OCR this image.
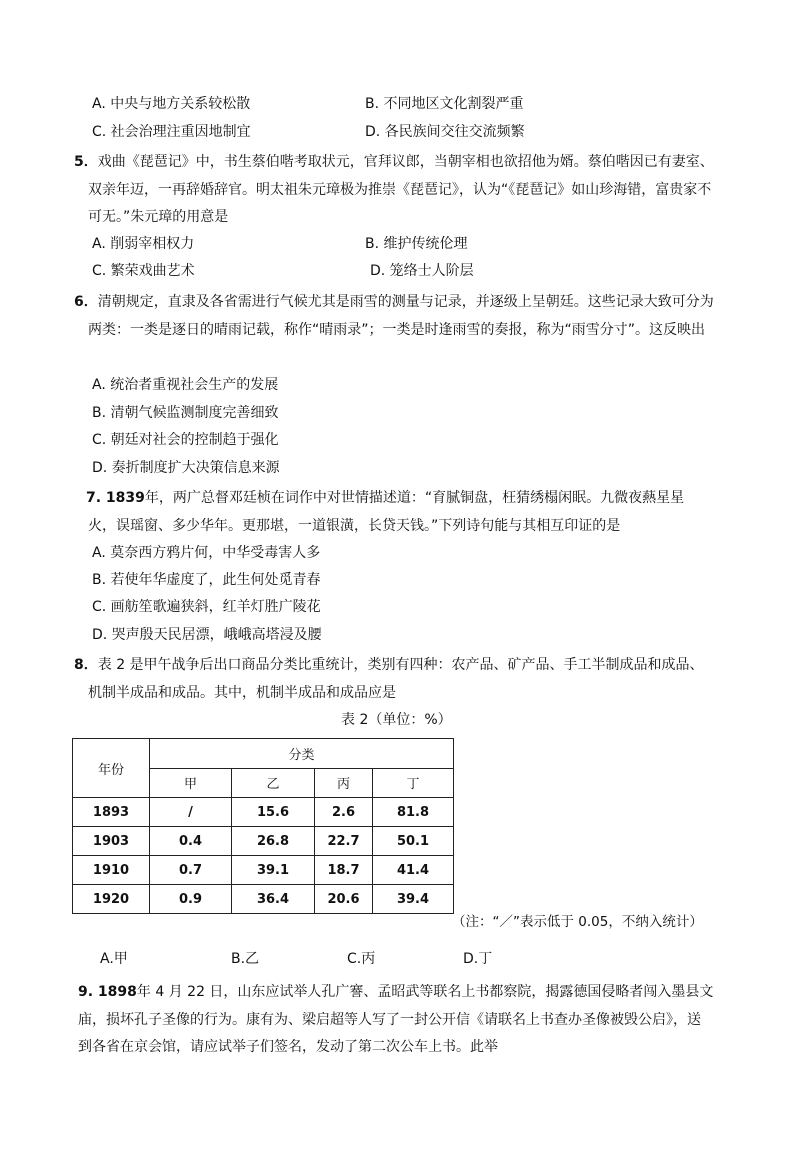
A. 中央与地方关系较松散	B. 不同地区文化割裂严重
C. 社会治理注重因地制宜	D. 各民族间交往交流频繁
5．戏曲《琵琶记》中，书生蔡伯喈考取状元，官拜议郎，当朝宰相也欲招他为婿。蔡伯喈因已有妻室、双亲年迈，一再辞婚辞官。明太祖朱元璋极为推崇《琵琶记》，认为“《琵琶记》如山珍海错，富贵家不可无。”朱元璋的用意是
A. 削弱宰相权力	B. 维护传统伦理
C. 繁荣戏曲艺术	D. 笼络士人阶层
6．清朝规定，直隶及各省需进行气候尤其是雨雪的测量与记录，并逐级上呈朝廷。这些记录大致可分为两类：一类是逐日的晴雨记载，称作“晴雨录”；一类是时逢雨雪的奏报，称为“雨雪分寸”。这反映出
A. 统治者重视社会生产的发展
B. 清朝气候监测制度完善细致
C. 朝廷对社会的控制趋于强化
D. 奏折制度扩大决策信息来源
7. 1839年，两广总督邓廷桢在词作中对世情描述道：“育腻铜盘，枉猜绣榻闲眠。九微夜爇星星火，误瑶窗、多少华年。更那堪，一道银潢，长贷天钱。”下列诗句能与其相互印证的是
A. 莫奈西方鸦片何，中华受毒害人多
B. 若使年华虚度了，此生何处觅青春
C. 画舫笙歌遍狭斜，红羊灯胜广陵花
D. 哭声殷天民居漂，峨峨高塔浸及腰
8．表 2 是甲午战争后出口商品分类比重统计，类别有四种：农产品、矿产品、手工半制成品和成品、机制半成品和成品。其中，机制半成品和成品应是
表 2（单位：%）
年份	分类			
	甲	乙	丙	丁
1893	/	15.6	2.6	81.8
1903	0.4	26.8	22.7	50.1
1910	0.7	39.1	18.7	41.4
1920	0.9	36.4	20.6	39.4
（注：“／”表示低于 0.05，不纳入统计）
A.甲	B.乙	C.丙	D.丁
9. 1898年 4 月 22 日，山东应试举人孔广謇、孟昭武等联名上书都察院，揭露德国侵略者闯入墨县文庙，损坏孔子圣像的行为。康有为、梁启超等人写了一封公开信《请联名上书查办圣像被毁公启》，送到各省在京会馆，请应试举子们签名，发动了第二次公车上书。此举
